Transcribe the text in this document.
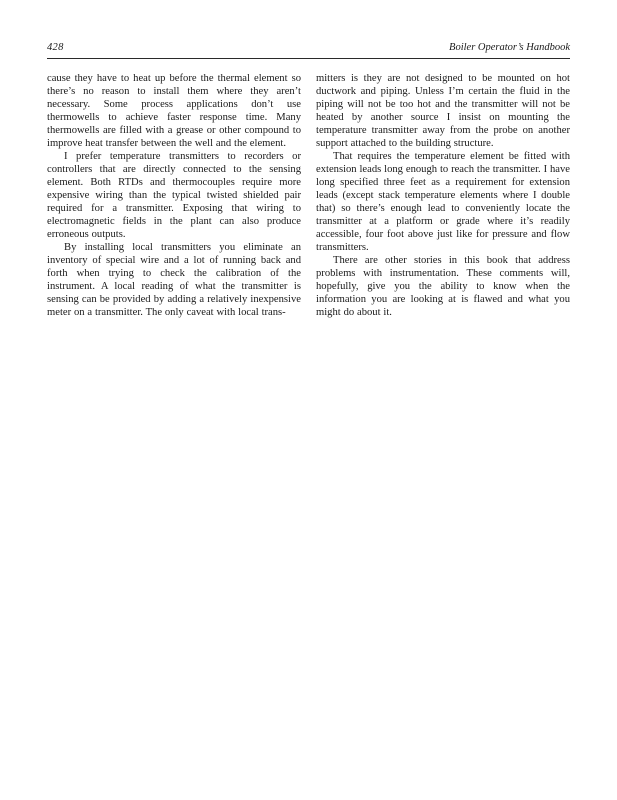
428	Boiler Operator’s Handbook

cause they have to heat up before the thermal element so there’s no reason to install them where they aren’t necessary. Some process applications don’t use thermowells to achieve faster response time. Many thermowells are filled with a grease or other compound to improve heat transfer between the well and the element.

I prefer temperature transmitters to recorders or controllers that are directly connected to the sensing element. Both RTDs and thermocouples require more expensive wiring than the typical twisted shielded pair required for a transmitter. Exposing that wiring to electromagnetic fields in the plant can also produce erroneous outputs.

By installing local transmitters you eliminate an inventory of special wire and a lot of running back and forth when trying to check the calibration of the instrument. A local reading of what the transmitter is sensing can be provided by adding a relatively inexpensive meter on a transmitter. The only caveat with local trans-

mitters is they are not designed to be mounted on hot ductwork and piping. Unless I’m certain the fluid in the piping will not be too hot and the transmitter will not be heated by another source I insist on mounting the temperature transmitter away from the probe on another support attached to the building structure.

That requires the temperature element be fitted with extension leads long enough to reach the transmitter. I have long specified three feet as a requirement for extension leads (except stack temperature elements where I double that) so there’s enough lead to conveniently locate the transmitter at a platform or grade where it’s readily accessible, four foot above just like for pressure and flow transmitters.

There are other stories in this book that address problems with instrumentation. These comments will, hopefully, give you the ability to know when the information you are looking at is flawed and what you might do about it.
